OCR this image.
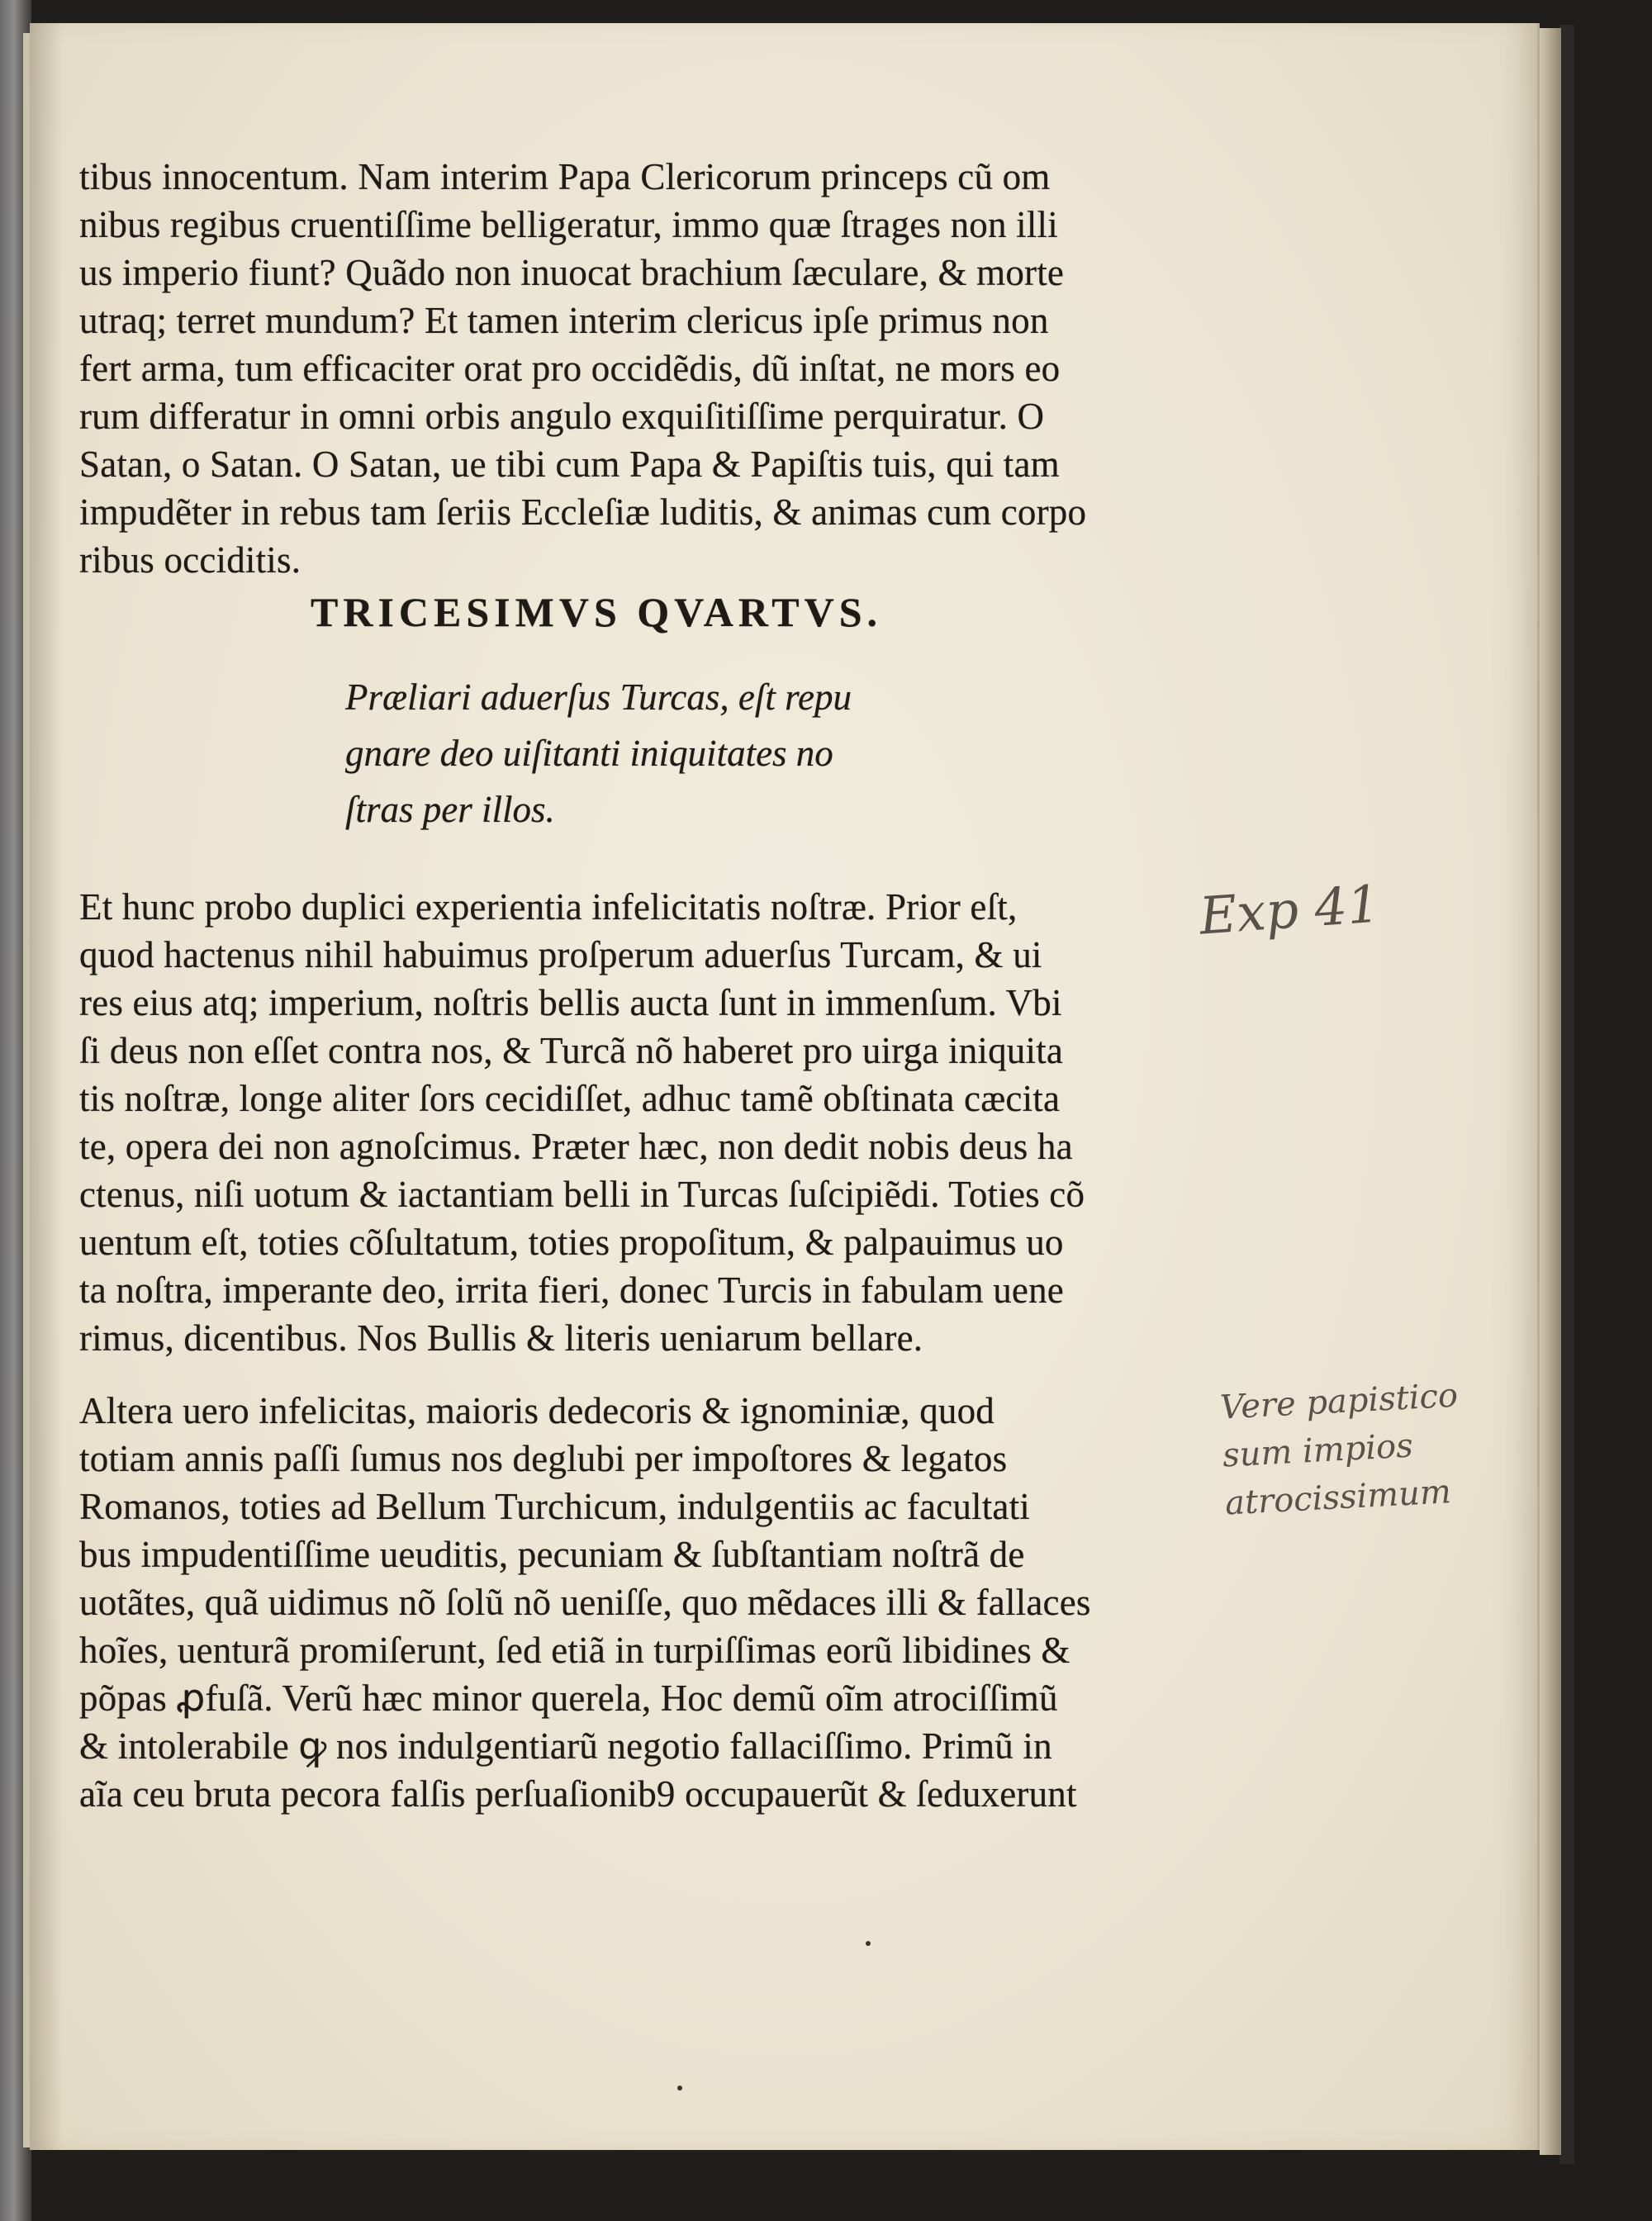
tibus innocentum. Nam interim Papa Clericorum princeps cũ om

nibus regibus cruentiſſime belligeratur, immo quæ ſtrages non illi

us imperio fiunt? Quãdo non inuocat brachium ſæculare, & morte

utraq; terret mundum? Et tamen interim clericus ipſe primus non

fert arma, tum efficaciter orat pro occidẽdis, dũ inſtat, ne mors eo

rum differatur in omni orbis angulo exquiſitiſſime perquiratur. O

Satan, o Satan. O Satan, ue tibi cum Papa & Papiſtis tuis, qui tam

impudẽter in rebus tam ſeriis Eccleſiæ luditis, & animas cum corpo

ribus occiditis.

TRICESIMVS QVARTVS.

Præliari aduerſus Turcas, eſt repu

gnare deo uiſitanti iniquitates no

ſtras per illos.

Et hunc probo duplici experientia infelicitatis noſtræ. Prior eſt,

quod hactenus nihil habuimus proſperum aduerſus Turcam, & ui

res eius atq; imperium, noſtris bellis aucta ſunt in immenſum. Vbi

ſi deus non eſſet contra nos, & Turcã nõ haberet pro uirga iniquita

tis noſtræ, longe aliter ſors cecidiſſet, adhuc tamẽ obſtinata cæcita

te, opera dei non agnoſcimus. Præter hæc, non dedit nobis deus ha

ctenus, niſi uotum & iactantiam belli in Turcas ſuſcipiẽdi. Toties cõ

uentum eſt, toties cõſultatum, toties propoſitum, & palpauimus uo

ta noſtra, imperante deo, irrita fieri, donec Turcis in fabulam uene

rimus, dicentibus. Nos Bullis & literis ueniarum bellare.

Altera uero infelicitas, maioris dedecoris & ignominiæ, quod

totiam annis paſſi ſumus nos deglubi per impoſtores & legatos

Romanos, toties ad Bellum Turchicum, indulgentiis ac facultati

bus impudentiſſime ueuditis, pecuniam & ſubſtantiam noſtrã de

uotãtes, quã uidimus nõ ſolũ nõ ueniſſe, quo mẽdaces illi & fallaces

hoĩes, uenturã promiſerunt, ſed etiã in turpiſſimas eorũ libidines &

põpas ꝓfuſã. Verũ hæc minor querela, Hoc demũ oĩm atrociſſimũ

& intolerabile ꝙ nos indulgentiarũ negotio fallaciſſimo. Primũ in

aĩa ceu bruta pecora falſis perſuaſionib9 occupauerũt & ſeduxerunt

Exp 41

Vere papistico
sum impios
atrocissimum
